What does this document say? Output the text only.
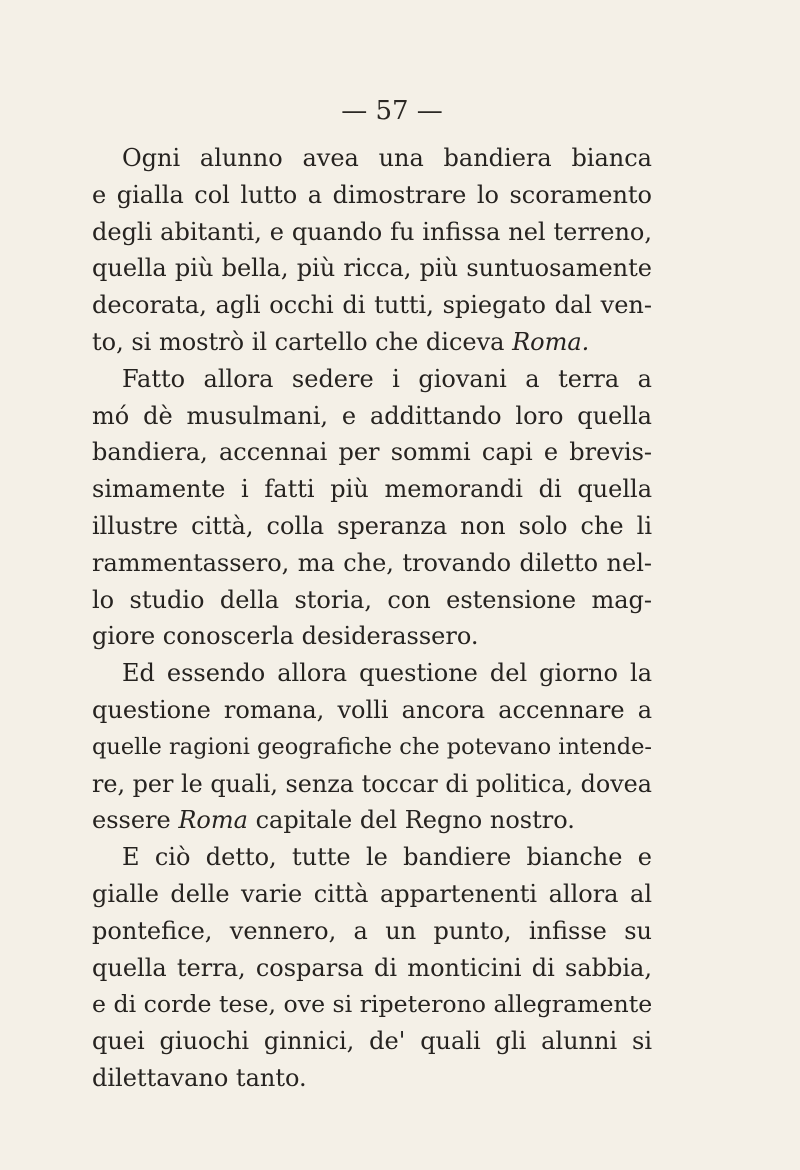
— 57 —
Ogni alunno avea una bandiera bianca
e gialla col lutto a dimostrare lo scoramento
degli abitanti, e quando fu infissa nel terreno,
quella più bella, più ricca, più suntuosamente
decorata, agli occhi di tutti, spiegato dal ven-
to, si mostrò il cartello che diceva Roma.
Fatto allora sedere i giovani a terra a
mó dè musulmani, e addittando loro quella
bandiera, accennai per sommi capi e brevis-
simamente i fatti più memorandi di quella
illustre città, colla speranza non solo che li
rammentassero, ma che, trovando diletto nel-
lo studio della storia, con estensione mag-
giore conoscerla desiderassero.
Ed essendo allora questione del giorno la
questione romana, volli ancora accennare a
quelle ragioni geografiche che potevano intende-
re, per le quali, senza toccar di politica, dovea
essere Roma capitale del Regno nostro.
E ciò detto, tutte le bandiere bianche e
gialle delle varie città appartenenti allora al
pontefice, vennero, a un punto, infisse su
quella terra, cosparsa di monticini di sabbia,
e di corde tese, ove si ripeterono allegramente
quei giuochi ginnici, de' quali gli alunni si
dilettavano tanto.
